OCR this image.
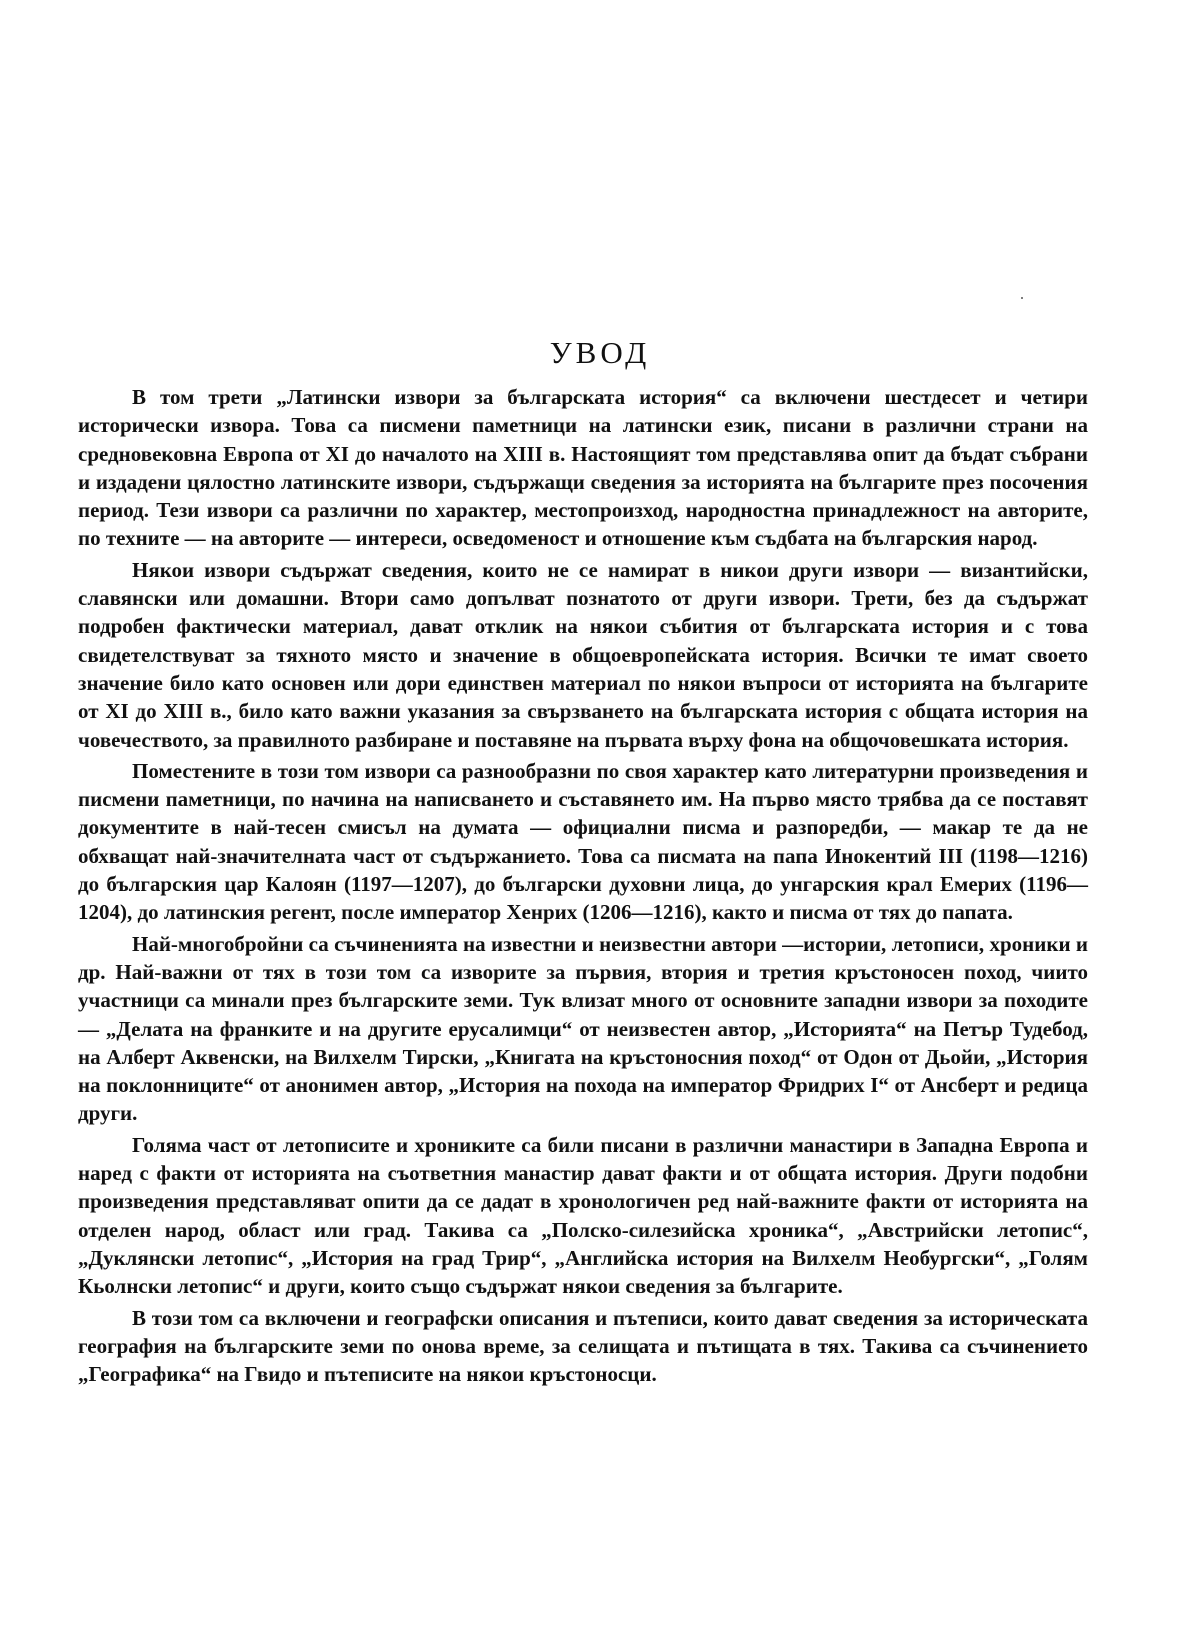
УВОД

В том трети „Латински извори за българската история“ са включени шестдесет и четири исторически извора. Това са писмени паметници на латински език, писани в различни страни на средновековна Европа от XI до началото на XIII в. Настоящият том представлява опит да бъдат събрани и издадени цялостно латинските извори, съдържащи сведения за историята на българите през посочения период. Тези извори са различни по характер, местопроизход, народностна принадлежност на авторите, по техните — на авторите — интереси, осведоменост и отношение към съдбата на българския народ.

Някои извори съдържат сведения, които не се намират в никои други извори — византийски, славянски или домашни. Втори само допълват познатото от други извори. Трети, без да съдържат подробен фактически материал, дават отклик на някои събития от българската история и с това свидетелствуват за тяхното място и значение в общоевропейската история. Всички те имат своето значение било като основен или дори единствен материал по някои въпроси от историята на българите от XI до XIII в., било като важни указания за свързването на българската история с общата история на човечеството, за правилното разбиране и поставяне на първата върху фона на общочовешката история.

Поместените в този том извори са разнообразни по своя характер като литературни произведения и писмени паметници, по начина на написването и съставянето им. На първо място трябва да се поставят документите в най-тесен смисъл на думата — официални писма и разпоредби, — макар те да не обхващат най-значителната част от съдържанието. Това са писмата на папа Инокентий III (1198—1216) до българския цар Калоян (1197—1207), до български духовни лица, до унгарския крал Емерих (1196—1204), до латинския регент, после император Хенрих (1206—1216), както и писма от тях до папата.

Най-многобройни са съчиненията на известни и неизвестни автори —истории, летописи, хроники и др. Най-важни от тях в този том са изворите за първия, втория и третия кръстоносен поход, чиито участници са минали през българските земи. Тук влизат много от основните западни извори за походите — „Делата на франките и на другите ерусалимци“ от неизвестен автор, „Историята“ на Петър Тудебод, на Алберт Аквенски, на Вилхелм Тирски, „Книгата на кръстоносния поход“ от Одон от Дьойи, „История на поклонниците“ от анонимен автор, „История на похода на император Фридрих I“ от Ансберт и редица други.

Голяма част от летописите и хрониките са били писани в различни манастири в Западна Европа и наред с факти от историята на съответния манастир дават факти и от общата история. Други подобни произведения представляват опити да се дадат в хронологичен ред най-важните факти от историята на отделен народ, област или град. Такива са „Полско-силезийска хроника“, „Австрийски летопис“, „Дуклянски летопис“, „История на град Трир“, „Английска история на Вилхелм Необургски“, „Голям Кьолнски летопис“ и други, които също съдържат някои сведения за българите.

В този том са включени и географски описания и пътеписи, които дават сведения за историческата география на българските земи по онова време, за селищата и пътищата в тях. Такива са съчинението „Географика“ на Гвидо и пътеписите на някои кръстоносци.
